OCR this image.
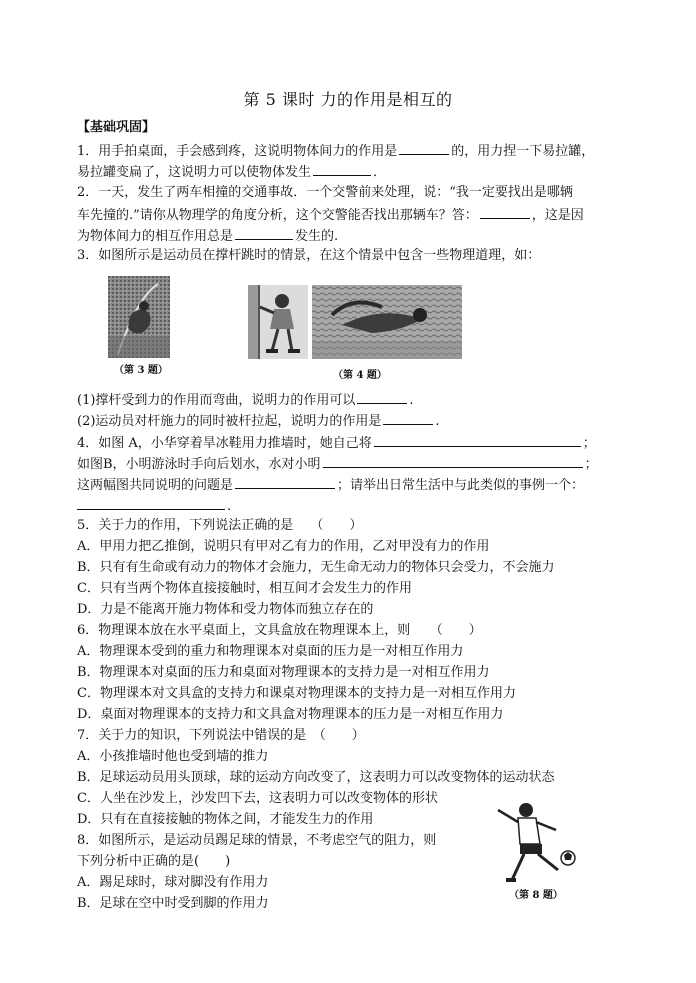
第 5 课时 力的作用是相互的
【基础巩固】
1．用手拍桌面，手会感到疼，这说明物体间力的作用是	的，用力捏一下易拉罐，
易拉罐变扁了，这说明力可以使物体发生	．
2．一天，发生了两车相撞的交通事故．一个交警前来处理，说：“我一定要找出是哪辆
车先撞的.”请你从物理学的角度分析，这个交警能否找出那辆车？答：	，这是因
为物体间力的相互作用总是	发生的.
3．如图所示是运动员在撑杆跳时的情景，在这个情景中包含一些物理道理，如：
（第 3 题）	（第 4 题）
(1)撑杆受到力的作用而弯曲，说明力的作用可以	.
(2)运动员对杆施力的同时被杆拉起，说明力的作用是	.
4．如图 A，小华穿着旱冰鞋用力推墙时，她自己将	；
如图B，小明游泳时手向后划水，水对小明	；
这两幅图共同说明的问题是	；请举出日常生活中与此类似的事例一个：
.
5．关于力的作用，下列说法正确的是　 （　　）
A．甲用力把乙推倒，说明只有甲对乙有力的作用，乙对甲没有力的作用
B．只有有生命或有动力的物体才会施力，无生命无动力的物体只会受力，不会施力
C．只有当两个物体直接接触时，相互间才会发生力的作用
D．力是不能离开施力物体和受力物体而独立存在的
6．物理课本放在水平桌面上，文具盒放在物理课本上，则　　（　　）
A．物理课本受到的重力和物理课本对桌面的压力是一对相互作用力
B．物理课本对桌面的压力和桌面对物理课本的支持力是一对相互作用力
C．物理课本对文具盒的支持力和课桌对物理课本的支持力是一对相互作用力
D．桌面对物理课本的支持力和文具盒对物理课本的压力是一对相互作用力
7．关于力的知识，下列说法中错误的是　（　　）
A．小孩推墙时他也受到墙的推力
B．足球运动员用头顶球，球的运动方向改变了，这表明力可以改变物体的运动状态
C．人坐在沙发上，沙发凹下去，这表明力可以改变物体的形状
D．只有在直接接触的物体之间，才能发生力的作用
8．如图所示，是运动员踢足球的情景，不考虑空气的阻力，则
下列分析中正确的是(　　)
A．踢足球时，球对脚没有作用力
B．足球在空中时受到脚的作用力
（第 8 题）
